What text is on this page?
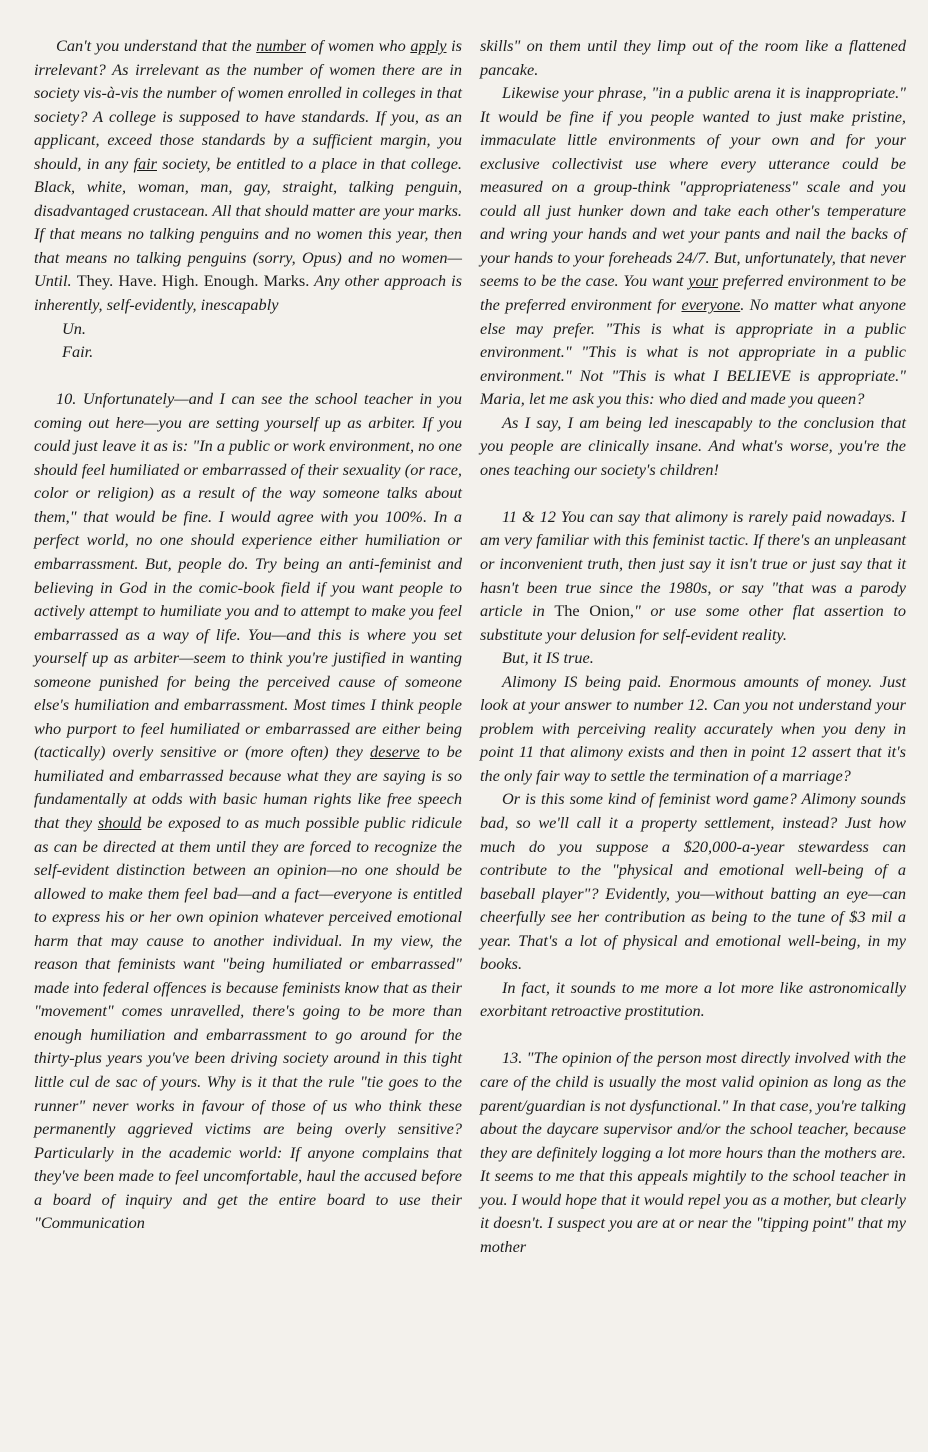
Can't you understand that the number of women who apply is irrelevant? As irrelevant as the number of women there are in society vis-à-vis the number of women enrolled in colleges in that society? A college is supposed to have standards. If you, as an applicant, exceed those standards by a sufficient margin, you should, in any fair society, be entitled to a place in that college. Black, white, woman, man, gay, straight, talking penguin, disadvantaged crustacean. All that should matter are your marks. If that means no talking penguins and no women this year, then that means no talking penguins (sorry, Opus) and no women—Until. They. Have. High. Enough. Marks. Any other approach is inherently, self-evidently, inescapably

Un.

Fair.

10. Unfortunately—and I can see the school teacher in you coming out here—you are setting yourself up as arbiter. If you could just leave it as is: "In a public or work environment, no one should feel humiliated or embarrassed of their sexuality (or race, color or religion) as a result of the way someone talks about them," that would be fine. I would agree with you 100%. In a perfect world, no one should experience either humiliation or embarrassment. But, people do. Try being an anti-feminist and believing in God in the comic-book field if you want people to actively attempt to humiliate you and to attempt to make you feel embarrassed as a way of life. You—and this is where you set yourself up as arbiter—seem to think you're justified in wanting someone punished for being the perceived cause of someone else's humiliation and embarrassment. Most times I think people who purport to feel humiliated or embarrassed are either being (tactically) overly sensitive or (more often) they deserve to be humiliated and embarrassed because what they are saying is so fundamentally at odds with basic human rights like free speech that they should be exposed to as much possible public ridicule as can be directed at them until they are forced to recognize the self-evident distinction between an opinion—no one should be allowed to make them feel bad—and a fact—everyone is entitled to express his or her own opinion whatever perceived emotional harm that may cause to another individual. In my view, the reason that feminists want "being humiliated or embarrassed" made into federal offences is because feminists know that as their "movement" comes unravelled, there's going to be more than enough humiliation and embarrassment to go around for the thirty-plus years you've been driving society around in this tight little cul de sac of yours. Why is it that the rule "tie goes to the runner" never works in favour of those of us who think these permanently aggrieved victims are being overly sensitive? Particularly in the academic world: If anyone complains that they've been made to feel uncomfortable, haul the accused before a board of inquiry and get the entire board to use their "Communication

skills" on them until they limp out of the room like a flattened pancake.

Likewise your phrase, "in a public arena it is inappropriate." It would be fine if you people wanted to just make pristine, immaculate little environments of your own and for your exclusive collectivist use where every utterance could be measured on a group-think "appropriateness" scale and you could all just hunker down and take each other's temperature and wring your hands and wet your pants and nail the backs of your hands to your foreheads 24/7. But, unfortunately, that never seems to be the case. You want your preferred environment to be the preferred environment for everyone. No matter what anyone else may prefer. "This is what is appropriate in a public environment." "This is what is not appropriate in a public environment." Not "This is what I BELIEVE is appropriate." Maria, let me ask you this: who died and made you queen?

As I say, I am being led inescapably to the conclusion that you people are clinically insane. And what's worse, you're the ones teaching our society's children!

11 & 12 You can say that alimony is rarely paid nowadays. I am very familiar with this feminist tactic. If there's an unpleasant or inconvenient truth, then just say it isn't true or just say that it hasn't been true since the 1980s, or say "that was a parody article in The Onion," or use some other flat assertion to substitute your delusion for self-evident reality.

But, it IS true.

Alimony IS being paid. Enormous amounts of money. Just look at your answer to number 12. Can you not understand your problem with perceiving reality accurately when you deny in point 11 that alimony exists and then in point 12 assert that it's the only fair way to settle the termination of a marriage?

Or is this some kind of feminist word game? Alimony sounds bad, so we'll call it a property settlement, instead? Just how much do you suppose a $20,000-a-year stewardess can contribute to the "physical and emotional well-being of a baseball player"? Evidently, you—without batting an eye—can cheerfully see her contribution as being to the tune of $3 mil a year. That's a lot of physical and emotional well-being, in my books.

In fact, it sounds to me more a lot more like astronomically exorbitant retroactive prostitution.

13. "The opinion of the person most directly involved with the care of the child is usually the most valid opinion as long as the parent/guardian is not dysfunctional." In that case, you're talking about the daycare supervisor and/or the school teacher, because they are definitely logging a lot more hours than the mothers are. It seems to me that this appeals mightily to the school teacher in you. I would hope that it would repel you as a mother, but clearly it doesn't. I suspect you are at or near the "tipping point" that my mother
